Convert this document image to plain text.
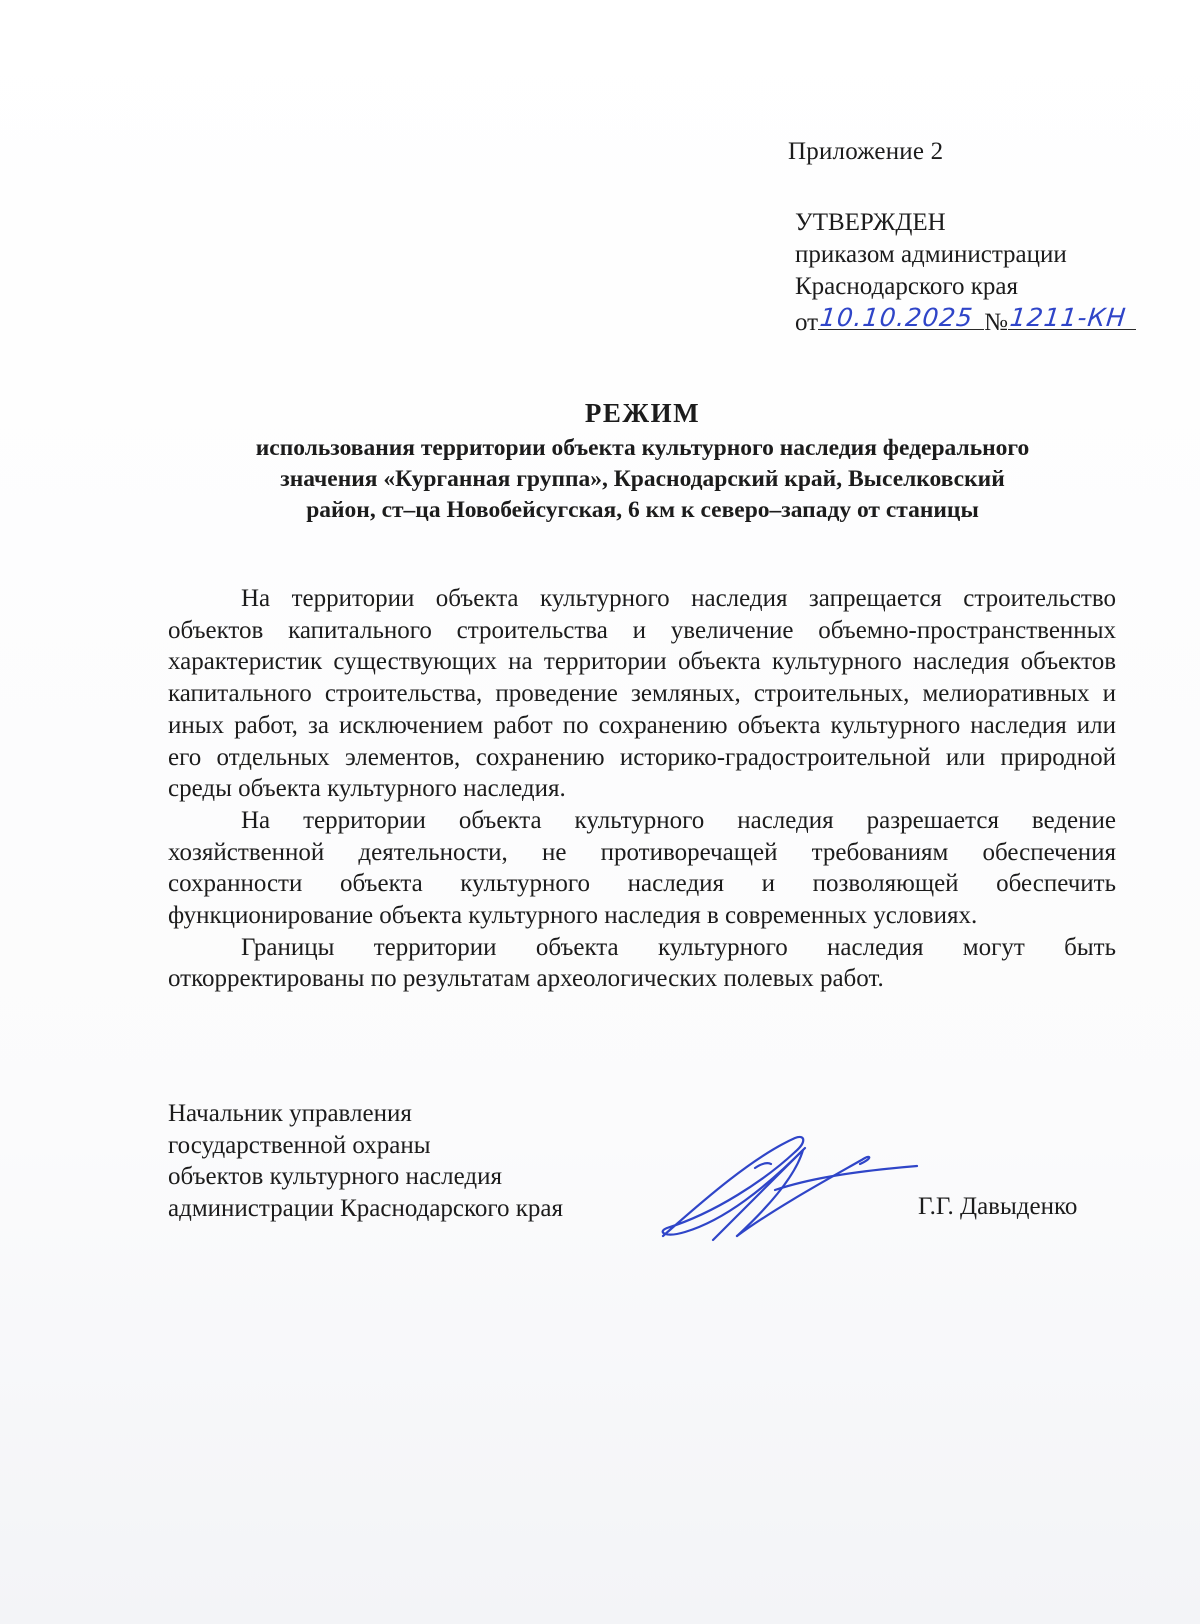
Приложение 2
УТВЕРЖДЕН
приказом администрации
Краснодарского края
от 10.10.2025 № 1211-КН
РЕЖИМ
использования территории объекта культурного наследия федерального
значения «Курганная группа», Краснодарский край, Выселковский
район, ст–ца Новобейсугская, 6 км к северо–западу от станицы

На территории объекта культурного наследия запрещается строительство объектов капитального строительства и увеличение объемно-пространственных характеристик существующих на территории объекта культурного наследия объектов капитального строительства, проведение земляных, строительных, мелиоративных и иных работ, за исключением работ по сохранению объекта культурного наследия или его отдельных элементов, сохранению историко-градостроительной или природной среды объекта культурного наследия.

На территории объекта культурного наследия разрешается ведение хозяйственной деятельности, не противоречащей требованиям обеспечения сохранности объекта культурного наследия и позволяющей обеспечить функционирование объекта культурного наследия в современных условиях.

Границы территории объекта культурного наследия могут быть откорректированы по результатам археологических полевых работ.

Начальник управления
государственной охраны
объектов культурного наследия
администрации Краснодарского края	Г.Г. Давыденко
